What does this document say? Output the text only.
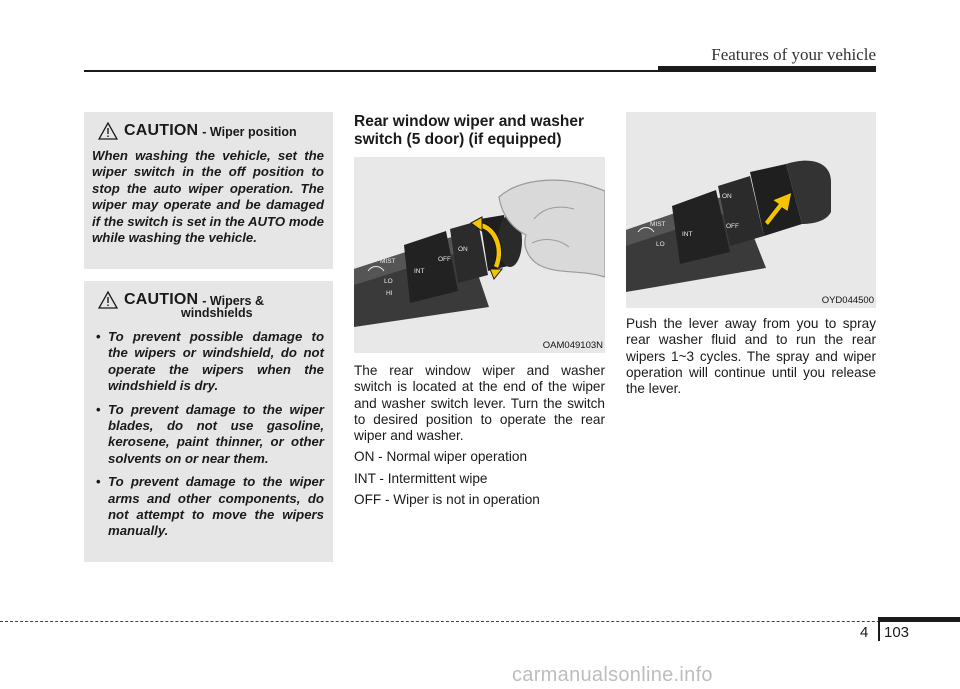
Features of your vehicle
CAUTION - Wiper position

When washing the vehicle, set the wiper switch in the off position to stop the auto wiper operation. The wiper may operate and be damaged if the switch is set in the AUTO mode while washing the vehicle.

CAUTION - Wipers &
windshields
• To prevent possible damage to the wipers or windshield, do not operate the wipers when the windshield is dry.
• To prevent damage to the wiper blades, do not use gasoline, kerosene, paint thinner, or other solvents on or near them.
• To prevent damage to the wiper arms and other components, do not attempt to move the wipers manually.
Rear window wiper and washer switch (5 door) (if equipped)
MIST
INT
LO
HI
OFF
ON
OAM049103N

The rear window wiper and washer switch is located at the end of the wiper and washer switch lever. Turn the switch to desired position to operate the rear wiper and washer.

ON - Normal wiper operation

INT - Intermittent wipe

OFF - Wiper is not in operation

MIST
INT
LO
OFF
ON
OYD044500

Push the lever away from you to spray rear washer fluid and to run the rear wipers 1~3 cycles. The spray and wiper operation will continue until you release the lever.

4 103
carmanualsonline.info
